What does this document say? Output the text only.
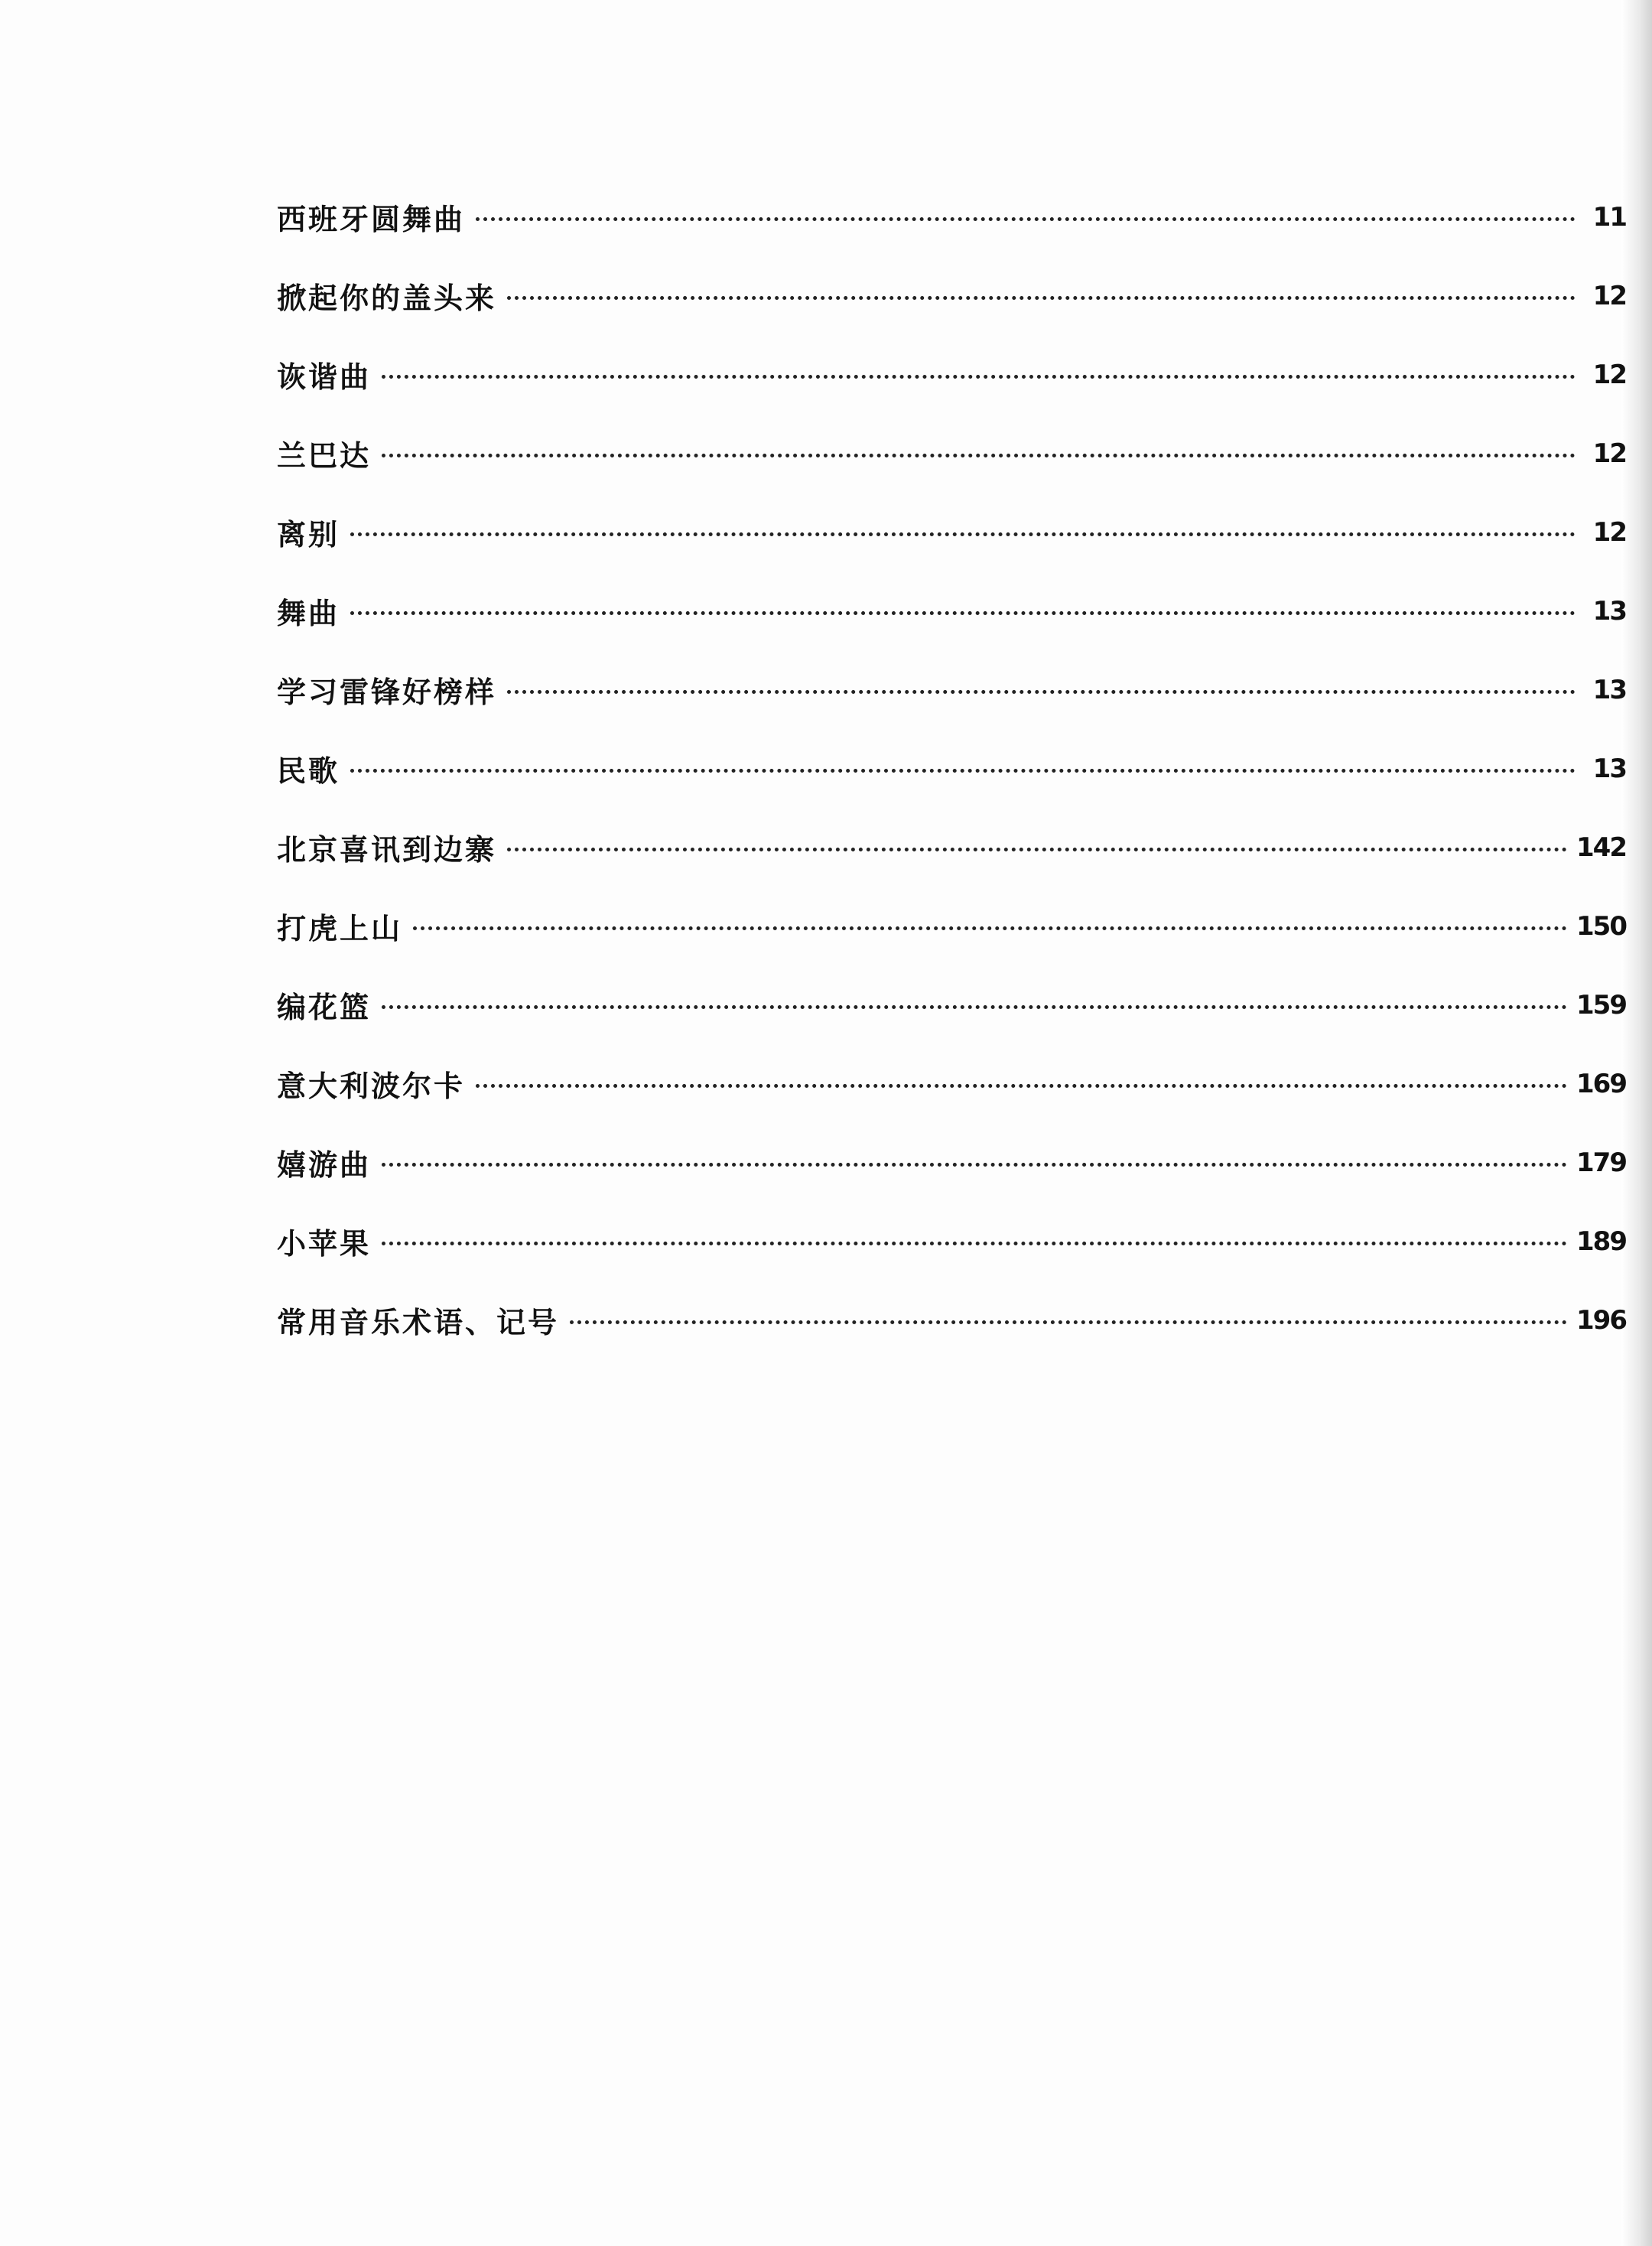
西班牙圆舞曲	11
掀起你的盖头来	12
诙谐曲	12
兰巴达	12
离别	12
舞曲	13
学习雷锋好榜样	13
民歌	13
北京喜讯到边寨	142
打虎上山	150
编花篮	159
意大利波尔卡	169
嬉游曲	179
小苹果	189
常用音乐术语、记号	196
